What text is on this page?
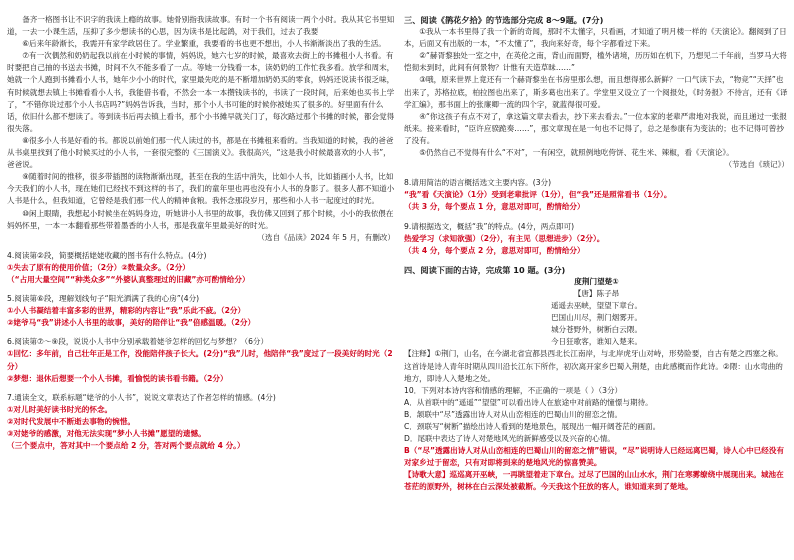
备齐一格图书让不识字的我读上瘾的故事。她骨别指我读故事。有时一个书有阅读一两个小时。我从其它书里知道，一去一小课生活，压抑了多少想读书的心思，因为读书是比起鸽，对于我们，过去了我要

⑥后来年龄渐长，我需开有家学政居住了。学业繁重，我要看的书也更不想出，小人书渐渐淡出了我的生活。

⑦有一次偶然和奶奶起我以前在小时候的事情，妈妈说，她六七岁的时候，最喜欢去街上的书摊租小人书看。有时要把自己抽的书送去书摊，时间不久不能多看了一点。等她一分钱看一本，读奶奶的工作忙我多看。放学和周末，她就一个人跑到书摊看小人书，她年少小小的时代，家里最先吃的是不断增加奶奶买的零食，妈妈还说读书很乏味，有时候就想去镇上书摊看看小人书，我能借书看，不然会一本一本攒钱读书的，书读了一段时间，后来她也买书上学了，“不错你说过那个小人书店吗?”妈妈告诉我，当时，那个小人书可能的时候你被她买了很多的。好里面有什么话，依旧什么都不想读了。等到读书后再去镇上看书，那个小书摊早就关门了，每次路过那个书摊的时候，都会觉得很失落。

⑧很多小人书是好看的书。都说以前她们那一代人读过的书，都是在书摊租来看的。当我知道的时候，我的爸爸从书桌里找到了他小时候买过的小人书，一套很完整的《三国演义》。我很高兴，“这是我小时候最喜欢的小人书”，爸爸说。

⑨随着时间的推移，很多带插图的读物渐渐出现，甚至在我的生活中消失，比如小人书，比如插画小人书，比如今天我们的小人书，现在她们已经找不到这样的书了，我们的童年里也再也没有小人书的身影了。很多人都不知道小人书是什么，但我知道，它曾经是我们那一代人的精神食粮。我怀念那段岁月，那些和小人书一起度过的时光。

⑩闲上眼睛，我想起小时候坐在妈妈身边，听她讲小人书里的故事，我仿佛又回到了那个时候，小小的我依偎在妈妈怀里，一本一本翻看那些带着墨香的小人书，那是我童年里最美好的时光。

（选自《品读》2024 年 5 月，有删改）

4.阅读第②段，简要概括姥姥收藏的图书有什么特点。(4分)

①失去了原有的使用价值；（2分）②数量众多。（2分）

（“占用大量空间”“种类众多”“外婆认真整理过的旧藏”亦可酌情给分）

5.阅读第⑥段，理解划线句子“阳光洒满了我的心房”(4分)

①小人书凝结着丰富多彩的世界，精彩的内容让“我”乐此不疲。（2分）

②姥爷马“我”讲述小人书里的故事，美好的陪伴让“我”倍感温暖。（2分）

6.阅读第⑦～⑨段，说说小人书中分别承载着姥爷怎样的回忆与梦想？（6分）

①回忆：多年前，自己壮年正是工作，没能陪伴孩子长大。(2分)“我”儿时，他陪伴“我”度过了一段美好的时光（2分）

②梦想：退休后想要一个小人书摊，看愉悦的读书看书籍。（2分）

7.通读全文，联系标题“姥爷的小人书”，说说文章表达了作者怎样的情感。(4分)

①对儿时美好读书时光的怀念。

②对时代发展中不断逝去事物的惋惜。

③对姥爷的感激，对他无法实现“梦小人书摊”愿望的遗憾。

（三个要点中，答对其中一个要点给 2 分，答对两个要点就给 4 分。）

三、阅读《鹊花夕拾》的节选部分完成 8～9题。(7分)

①我从一本书里得了我一个新的奇闻，那时不太懂字，只看画，才知道了明月楼一样的《天演论》。翻阅到了日本，后面又有出版的一本，“不太懂了”，我向来好奇，每个字都看过下来。

②“赫胥黎独处一室之中，在英伦之南，背山而面野，槛外诸境，历历如在机下，乃想见二千年前，当罗马大将恺彻未到时，此间有何景物？计惟有天造草昧……”

③哦，原来世界上竟还有一个赫胥黎坐在书房里那么想，而且想得那么新鲜？一口气读下去，“物竞”“天择”也出来了，苏格拉底，柏拉图也出来了，斯多葛也出来了。学堂里又设立了一个阅报处，《时务报》不待言，还有《译学汇编》，那书面上的张廉卿一流的四个字，就蓝得很可爱。

④“你这孩子有点不对了，拿这篇文章去看去，抄下来去看去。”一位本家的老辈严肃地对我说，而且递过一张报纸来。接来看时，“臣许应骙跪奏……”，那文章现在是一句也不记得了，总之是参康有为变法的；也不记得可曾抄了没有。

⑤仍然自己不觉得有什么“不对”，一有闲空，就照例地吃侉饼、花生米、辣椒，看《天演论》。

（节选自《琐记》）

8.请用简洁的语言概括选文主要内容。(3分)

“我”看《天演论》（1分）受到老辈批评（1分），但“我”还是照常看书（1分）。

（共 3 分，每个要点 1 分，意思对即可，酌情给分）

9.请根据选文，概括“我”的特点。(4分，两点即可)

热爱学习（求知欲强）（2分），有主见（思想进步）（2分）。

（共 4 分，每个要点 2 分，意思对即可，酌情给分）

四、阅读下面的古诗，完成第 10 题。(3分)

度荆门望楚①

【唐】陈子昂

遥遥去巫峡，望望下章台。

巴国山川尽，荆门烟雾开。

城分苍野外，树断白云隈。

今日狂歌客，谁知入楚来。

【注释】①荆门，山名，在今湖北省宜都县西北长江南岸，与北岸虎牙山对峙，形势险要，自古有楚之西塞之称。这首诗是诗人青年时期从四川沿长江东下所作，初次离开家乡巴蜀入荆楚，由此感概而作此诗。②隈：山水弯曲的地方，即诗人入楚地之处。

10．下列对本诗内容和情感的理解，不正确的一项是（ ）（3分）

A．从首联中的“遥遥”“望望”可以看出诗人在旅途中对前路的憧憬与期待。

B．颔联中“尽”透露出诗人对从山峦相连的巴蜀山川的留恋之情。

C．颈联写“树断”描绘出诗人看到的楚地景色，展现出一幅开阔苍茫的画面。

D．尾联中表达了诗人对楚地风光的新鲜感受以及兴奋的心情。

B（“尽”透露出诗人对从山峦相连的巴蜀山川的留恋之情”错误，“尽”说明诗人已经远离巴蜀，诗人心中已经没有对家乡过于留恋，只有对即将到来的楚地风光的惊喜赞美。

【诗歌大意】巡巡离开巫峡，一再眺望着走下章台。过尽了巴国的山山水水，荆门在寒雾缭绕中展现出来。城池在苍茫的原野外，树林在白云深处被截断。今天我这个狂放的客人，谁知道来到了楚地。
